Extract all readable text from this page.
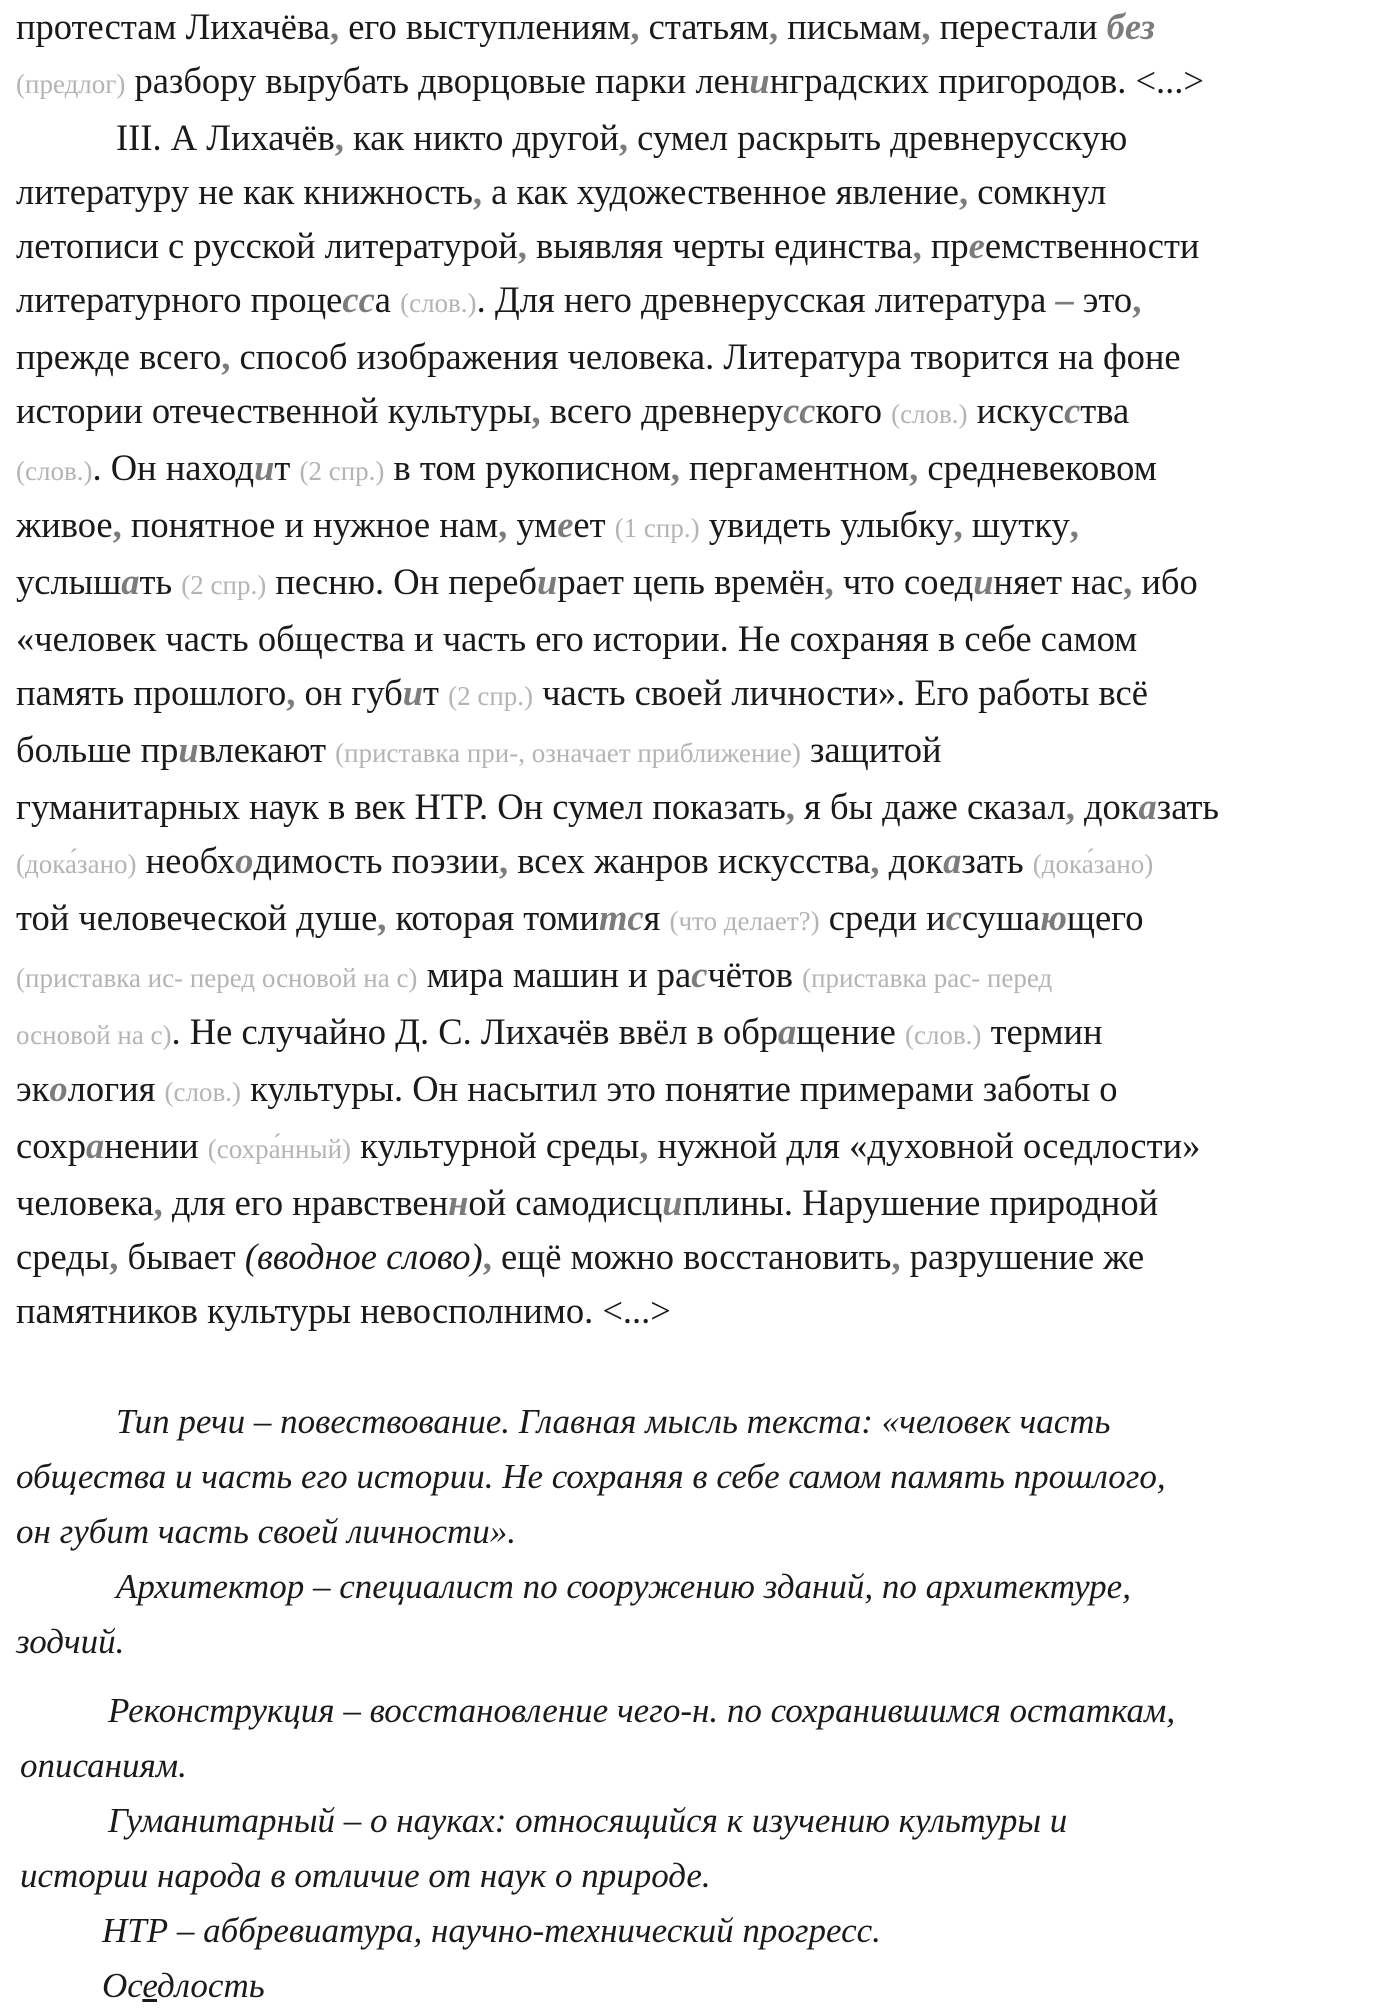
протестам Лихачёва, его выступлениям, статьям, письмам, перестали без
(предлог) разбору вырубать дворцовые парки ленинградских пригородов. <...>

III. А Лихачёв, как никто другой, сумел раскрыть древнерусскую
литературу не как книжность, а как художественное явление, сомкнул
летописи с русской литературой, выявляя черты единства, преемственности
литературного процесса (слов.). Для него древнерусская литература – это,
прежде всего, способ изображения человека. Литература творится на фоне
истории отечественной культуры, всего древнерусского (слов.) искусства
(слов.). Он находит (2 спр.) в том рукописном, пергаментном, средневековом
живое, понятное и нужное нам, умеет (1 спр.) увидеть улыбку, шутку,
услышать (2 спр.) песню. Он перебирает цепь времён, что соединяет нас, ибо
«человек часть общества и часть его истории. Не сохраняя в себе самом
память прошлого, он губит (2 спр.) часть своей личности». Его работы всё
больше привлекают (приставка при-, означает приближение) защитой
гуманитарных наук в век НТР. Он сумел показать, я бы даже сказал, доказать
(дока́зано) необходимость поэзии, всех жанров искусства, доказать (дока́зано)
той человеческой душе, которая томится (что делает?) среди иссушающего
(приставка ис- перед основой на с) мира машин и расчётов (приставка рас- перед
основой на с). Не случайно Д. С. Лихачёв ввёл в обращение (слов.) термин
экология (слов.) культуры. Он насытил это понятие примерами заботы о
сохранении (сохра́нный) культурной среды, нужной для «духовной оседлости»
человека, для его нравственной самодисциплины. Нарушение природной
среды, бывает (вводное слово), ещё можно восстановить, разрушение же
памятников культуры невосполнимо. <...>

Тип речи – повествование. Главная мысль текста: «человек часть

общества и часть его истории. Не сохраняя в себе самом память прошлого,

он губит часть своей личности».

Архитектор – специалист по сооружению зданий, по архитектуре,

зодчий.

Реконструкция – восстановление чего-н. по сохранившимся остаткам,

описаниям.

Гуманитарный – о науках: относящийся к изучению культуры и

истории народа в отличие от наук о природе.

НТР – аббревиатура, научно-технический прогресс.

Оседлость
